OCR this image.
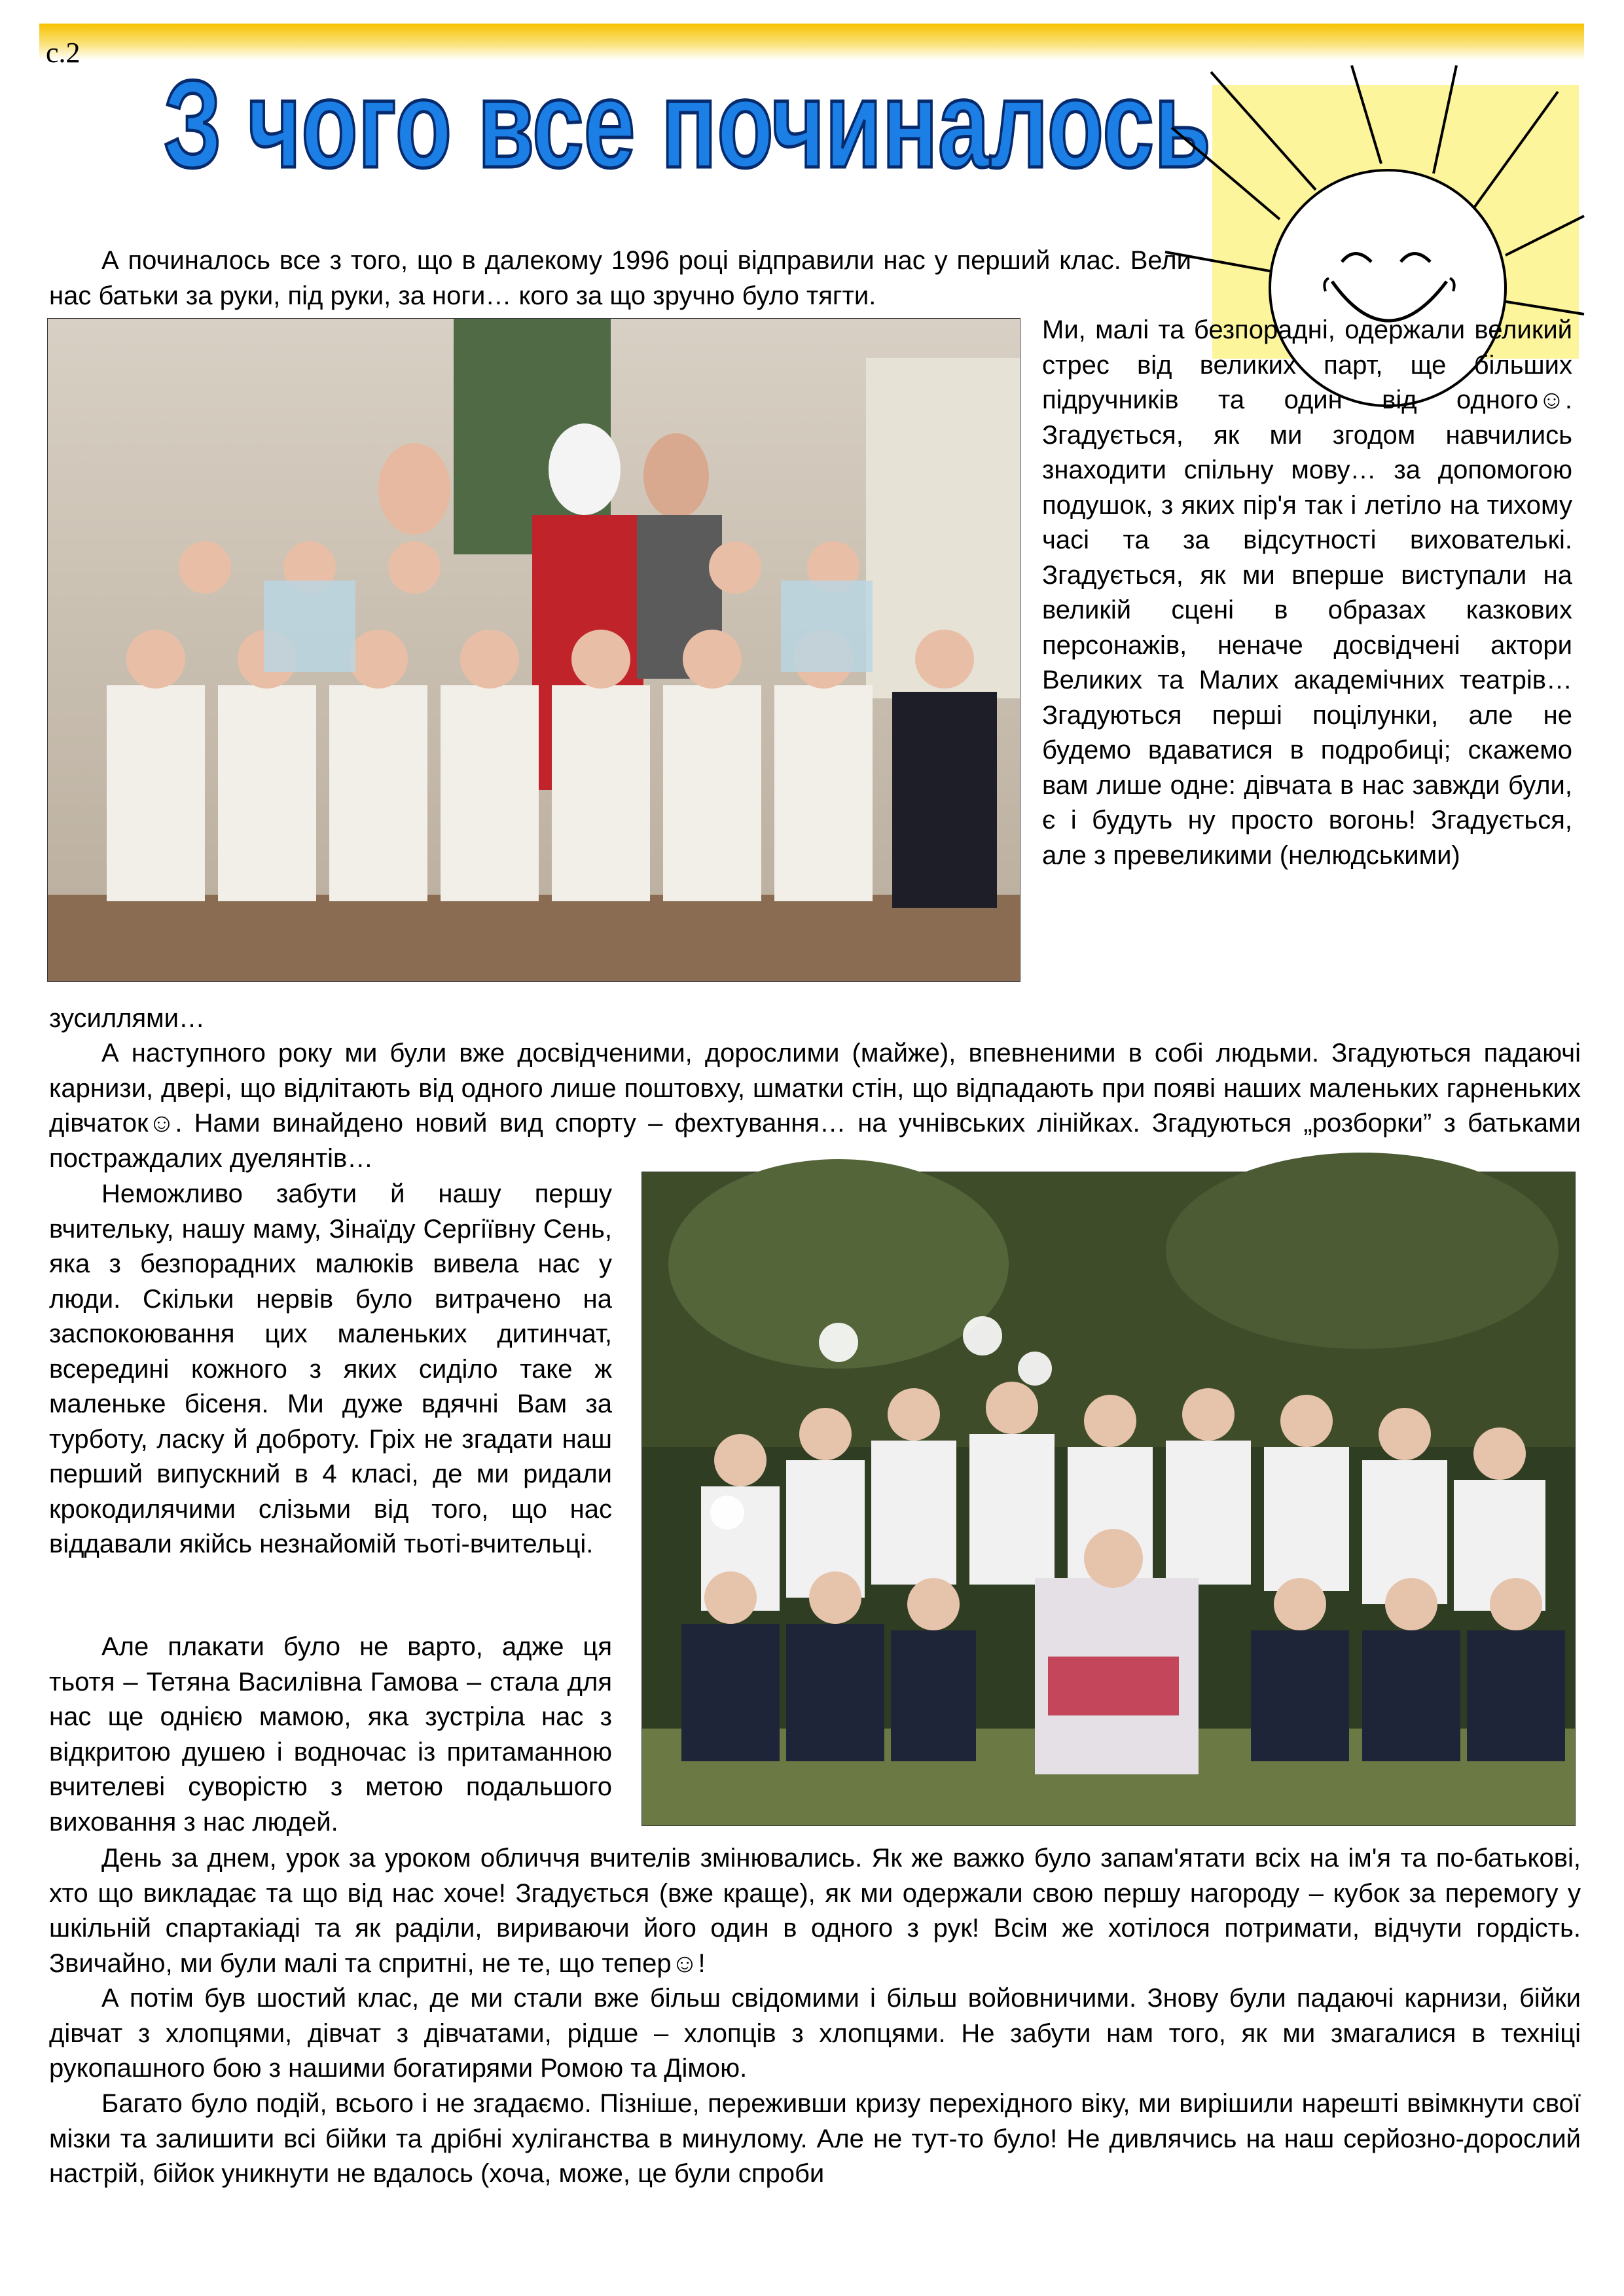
с.2
З чого все починалось

А починалось все з того, що в далекому 1996 році відправили нас у перший клас. Вели нас батьки за руки, під руки, за ноги… кого за що зручно було тягти.

Ми, малі та безпорадні, одержали великий стрес від великих парт, ще більших підручників та один від одного☺. Згадується, як ми згодом навчились знаходити спільну мову… за допомогою подушок, з яких пір'я так і летіло на тихому часі та за відсутності вихователькі. Згадується, як ми вперше виступали на великій сцені в образах казкових персонажів, неначе досвідчені актори Великих та Малих академічних театрів… Згадуються перші поцілунки, але не будемо вдаватися в подробиці; скажемо вам лише одне: дівчата в нас завжди були, є і будуть ну просто вогонь! Згадується, але з превеликими (нелюдськими)

зусиллями…

А наступного року ми були вже досвідченими, дорослими (майже), впевненими в собі людьми. Згадуються падаючі карнизи, двері, що відлітають від одного лише поштовху, шматки стін, що відпадають при появі наших маленьких гарненьких дівчаток☺. Нами винайдено новий вид спорту – фехтування… на учнівських лінійках. Згадуються „розборки” з батьками постраждалих дуелянтів…

Неможливо забути й нашу першу вчительку, нашу маму, Зінаїду Сергіївну Сень, яка з безпорадних малюків вивела нас у люди. Скільки нервів було витрачено на заспокоювання цих маленьких дитинчат, всередині кожного з яких сиділо таке ж маленьке бісеня. Ми дуже вдячні Вам за турботу, ласку й доброту. Гріх не згадати наш перший випускний в 4 класі, де ми ридали крокодилячими слізьми від того, що нас віддавали якійсь незнайомій тьоті-вчительці.

Але плакати було не варто, адже ця тьотя – Тетяна Василівна Гамова – стала для нас ще однією мамою, яка зустріла нас з відкритою душею і водночас із притаманною вчителеві суворістю з метою подальшого виховання з нас людей.

День за днем, урок за уроком обличчя вчителів змінювались. Як же важко було запам'ятати всіх на ім'я та по-батькові, хто що викладає та що від нас хоче! Згадується (вже краще), як ми одержали свою першу нагороду – кубок за перемогу у шкільній спартакіаді та як раділи, вириваючи його один в одного з рук! Всім же хотілося потримати, відчути гордість. Звичайно, ми були малі та спритні, не те, що тепер☺!

А потім був шостий клас, де ми стали вже більш свідомими і більш войовничими. Знову були падаючі карнизи, бійки дівчат з хлопцями, дівчат з дівчатами, рідше – хлопців з хлопцями. Не забути нам того, як ми змагалися в техніці рукопашного бою з нашими богатирями Ромою та Дімою.

Багато було подій, всього і не згадаємо. Пізніше, переживши кризу перехідного віку, ми вирішили нарешті ввімкнути свої мізки та залишити всі бійки та дрібні хуліганства в минулому. Але не тут-то було! Не дивлячись на наш серйозно-дорослий настрій, бійок уникнути не вдалось (хоча, може, це були спроби
